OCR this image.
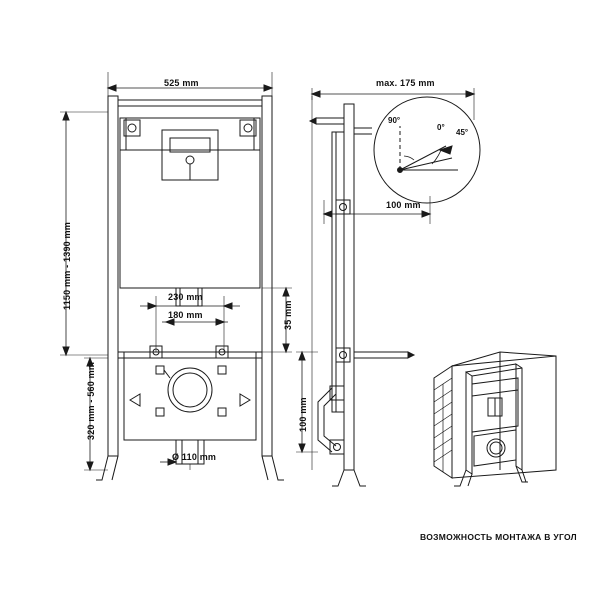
525 mm
1150 mm - 1390 mm
320 mm - 560 mm
230 mm
180 mm	35 mm
Ø 110 mm
max. 175 mm
100 mm
100 mm
90°
0°
45°
ВОЗМОЖНОСТЬ МОНТАЖА В УГОЛ
